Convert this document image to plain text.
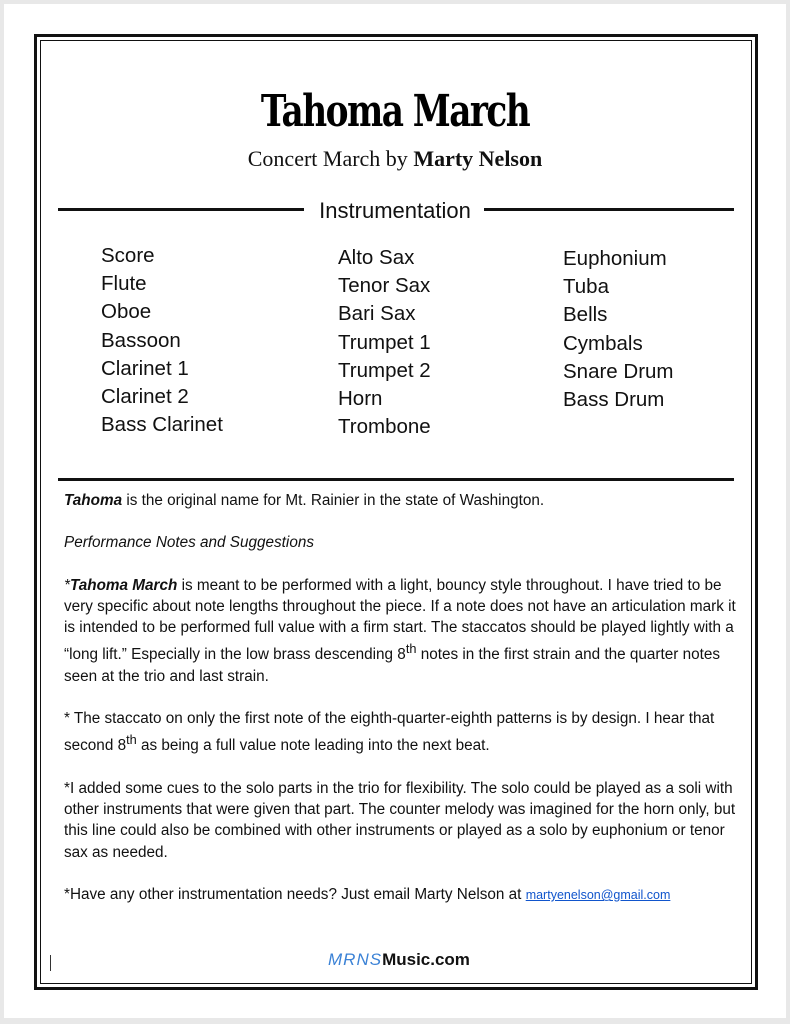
Tahoma March
Concert March by Marty Nelson
Instrumentation
Score
Flute
Oboe
Bassoon
Clarinet 1
Clarinet 2
Bass Clarinet
Alto Sax
Tenor Sax
Bari Sax
Trumpet 1
Trumpet 2
Horn
Trombone
Euphonium
Tuba
Bells
Cymbals
Snare Drum
Bass Drum

Tahoma is the original name for Mt. Rainier in the state of Washington.

Performance Notes and Suggestions

*Tahoma March is meant to be performed with a light, bouncy style throughout. I have tried to be very specific about note lengths throughout the piece. If a note does not have an articulation mark it is intended to be performed full value with a firm start. The staccatos should be played lightly with a “long lift.” Especially in the low brass descending 8th notes in the first strain and the quarter notes seen at the trio and last strain.

* The staccato on only the first note of the eighth-quarter-eighth patterns is by design. I hear that second 8th as being a full value note leading into the next beat.

*I added some cues to the solo parts in the trio for flexibility. The solo could be played as a soli with other instruments that were given that part. The counter melody was imagined for the horn only, but this line could also be combined with other instruments or played as a solo by euphonium or tenor sax as needed.

*Have any other instrumentation needs? Just email Marty Nelson at martyenelson@gmail.com

MRNSMusic.com
